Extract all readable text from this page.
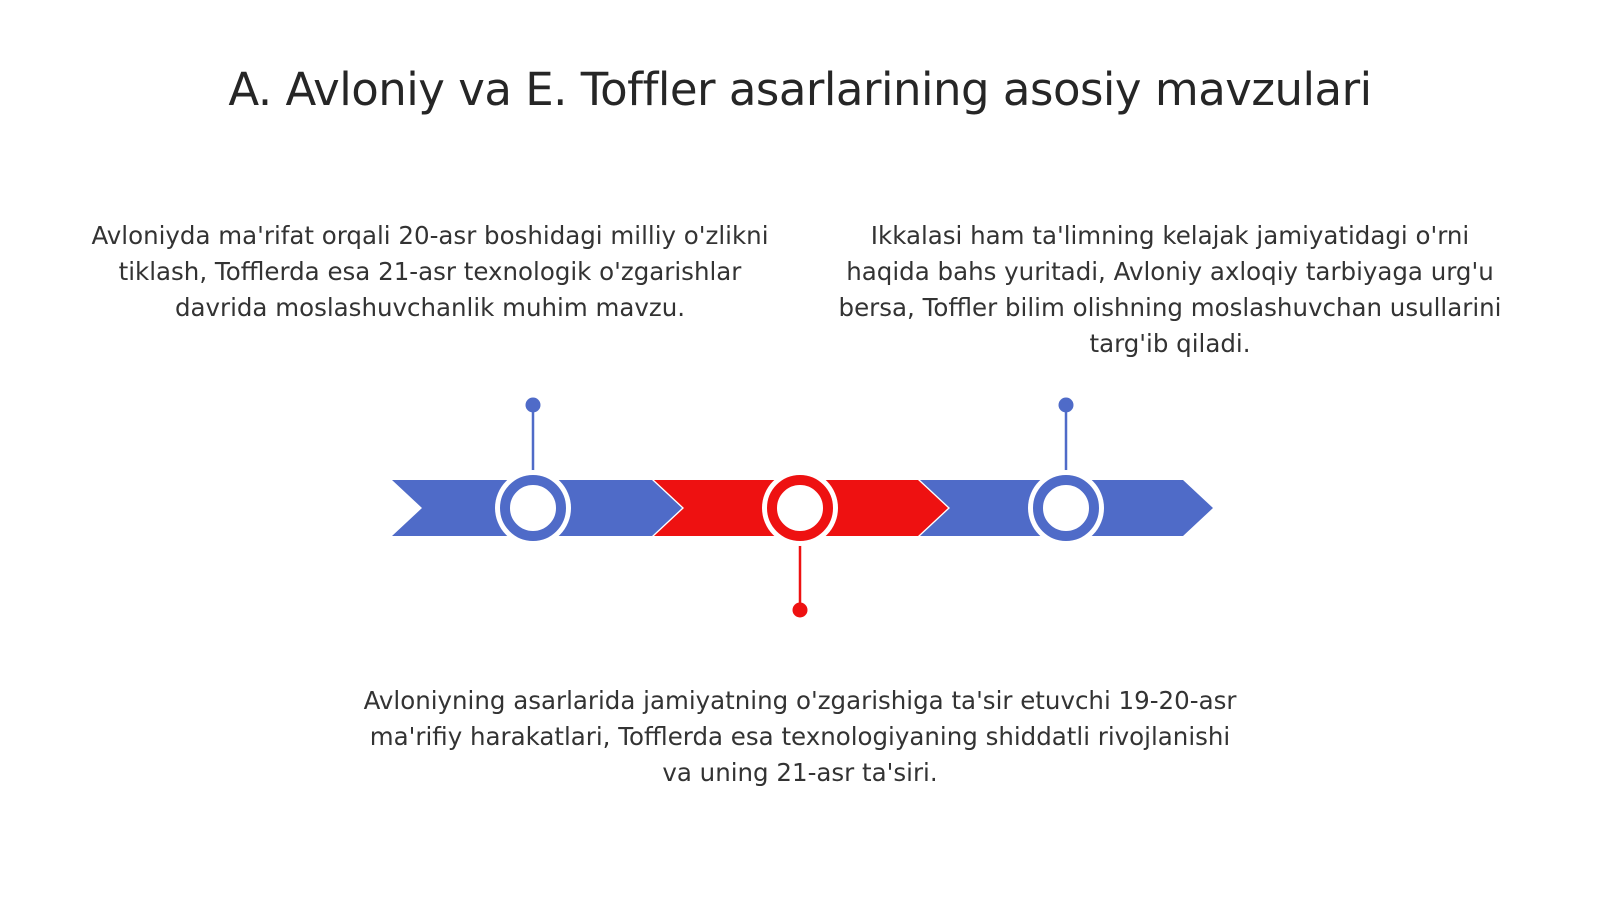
A. Avloniy va E. Toffler asarlarining asosiy mavzulari
Avloniyda ma'rifat orqali 20-asr boshidagi milliy o'zlikni tiklash, Tofflerda esa 21-asr texnologik o'zgarishlar davrida moslashuvchanlik muhim mavzu.
Ikkalasi ham ta'limning kelajak jamiyatidagi o'rni haqida bahs yuritadi, Avloniy axloqiy tarbiyaga urg'u bersa, Toffler bilim olishning moslashuvchan usullarini targ'ib qiladi.
Avloniyning asarlarida jamiyatning o'zgarishiga ta'sir etuvchi 19-20-asr ma'rifiy harakatlari, Tofflerda esa texnologiyaning shiddatli rivojlanishi va uning 21-asr ta'siri.
